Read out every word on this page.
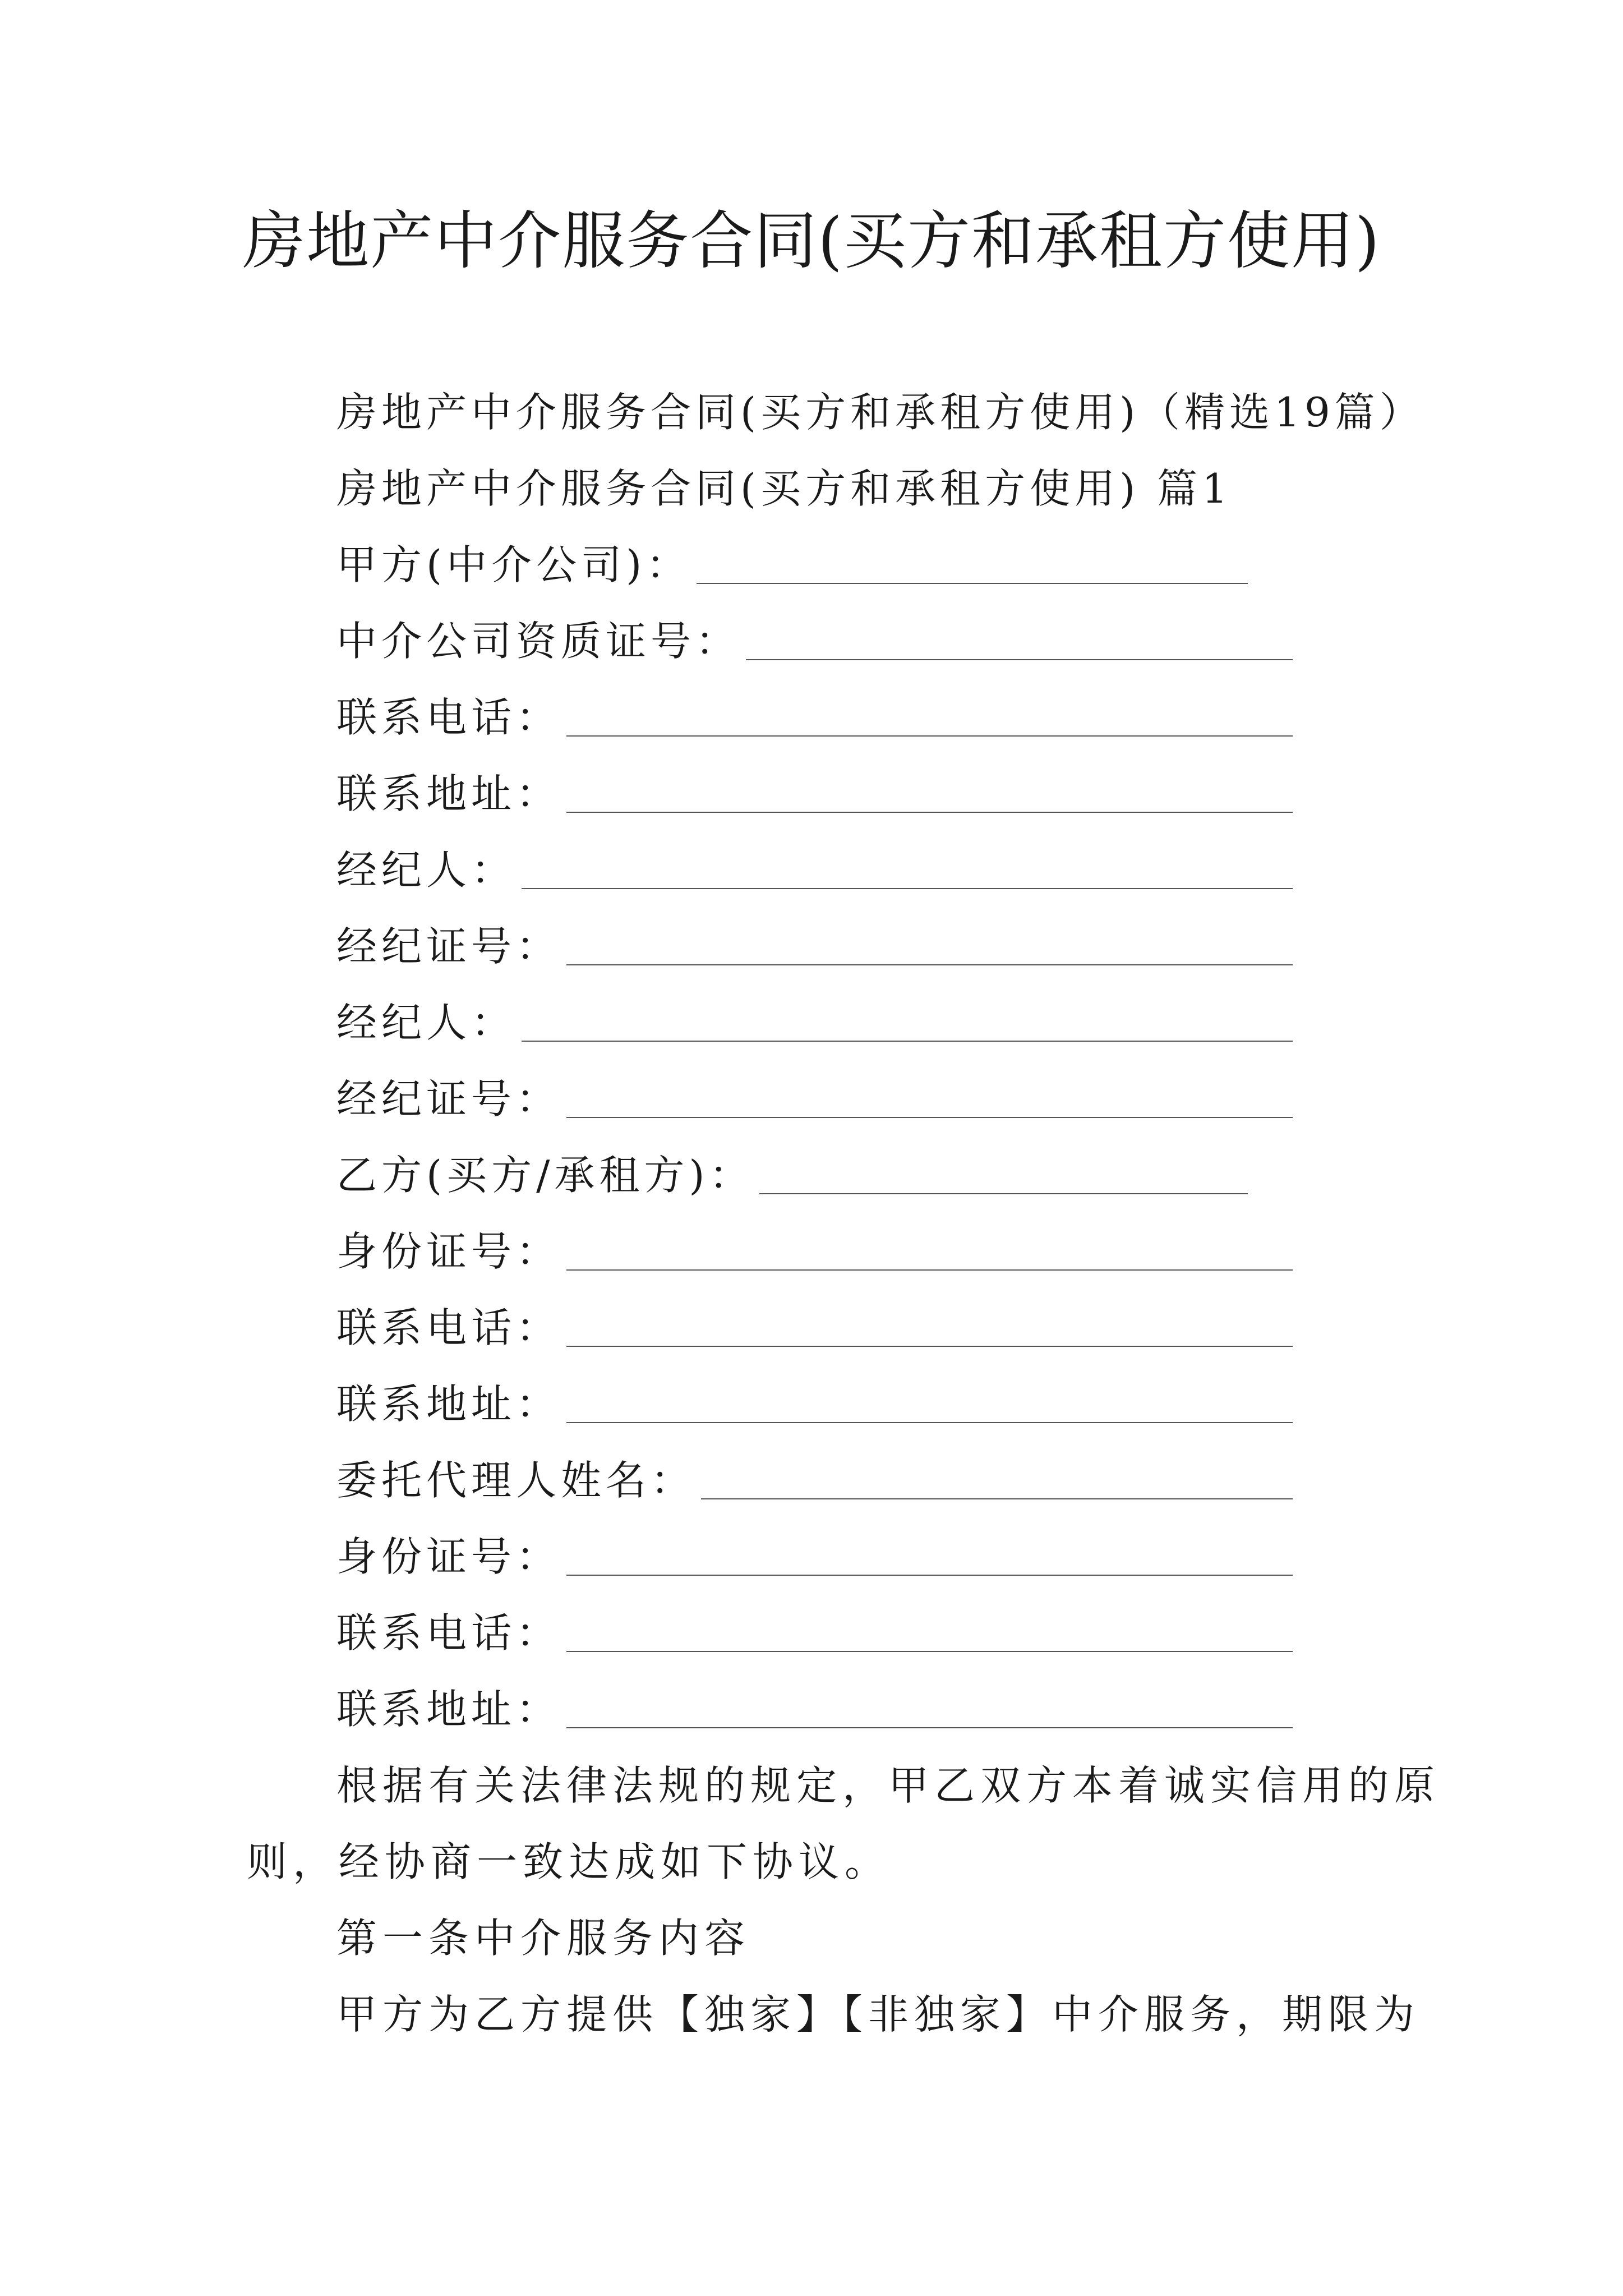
房地产中介服务合同(买方和承租方使用)
房地产中介服务合同(买方和承租方使用)（精选19篇）
房地产中介服务合同(买方和承租方使用) 篇1
甲方(中介公司)：
中介公司资质证号：
联系电话：
联系地址：
经纪人：
经纪证号：
经纪人：
经纪证号：
乙方(买方/承租方)：
身份证号：
联系电话：
联系地址：
委托代理人姓名：
身份证号：
联系电话：
联系地址：
根据有关法律法规的规定，甲乙双方本着诚实信用的原
则，经协商一致达成如下协议。
第一条中介服务内容
甲方为乙方提供【独家】【非独家】中介服务，期限为
